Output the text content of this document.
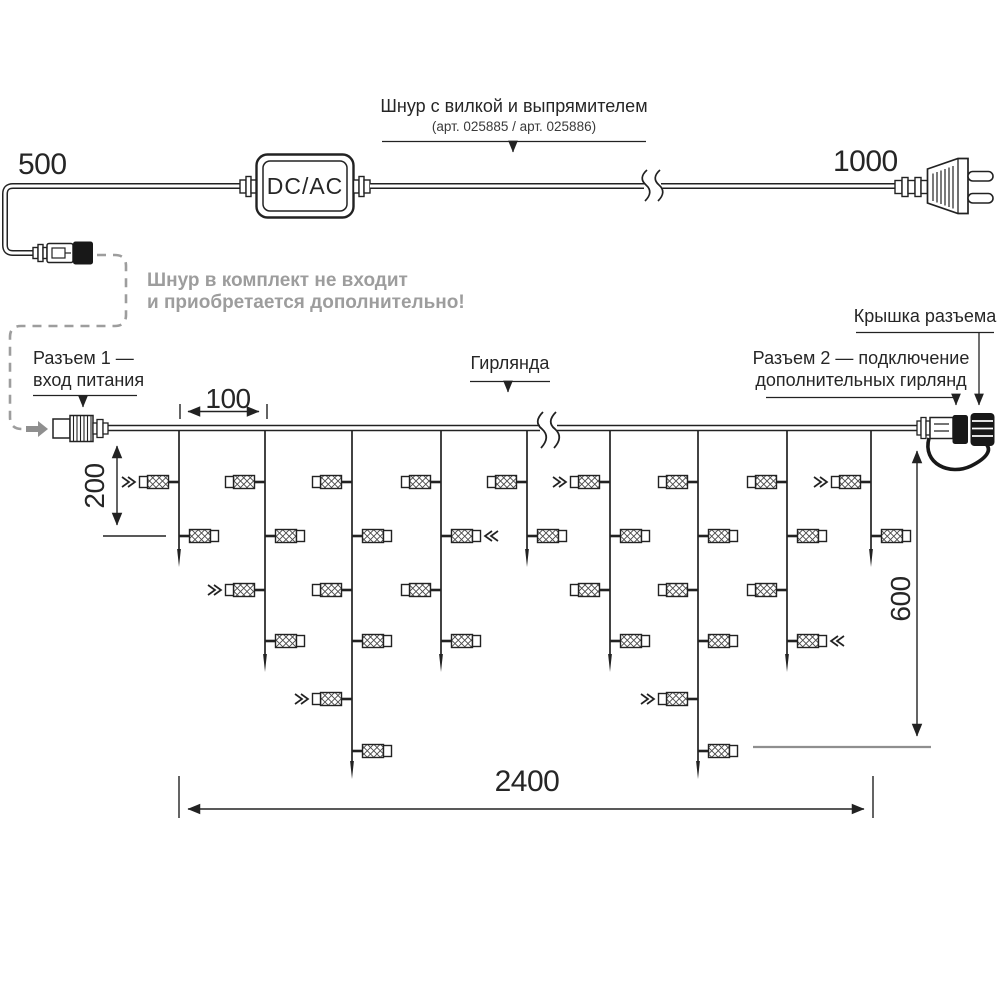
500	1000
DC/AC
Шнур с вилкой и выпрямителем
(арт. 025885 / арт. 025886)
Шнур в комплект не входит
и приобретается дополнительно!
Разъем 1 —
вход питания
Гирлянда	Разъем 2 — подключение
дополнительных гирлянд
Крышка разъема
100
200
600
2400
